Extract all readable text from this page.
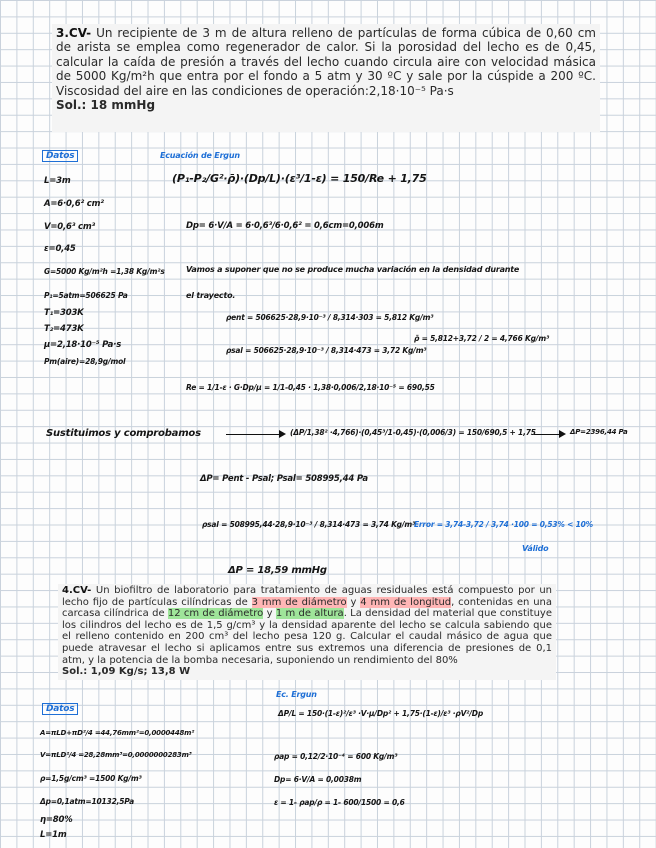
3.CV- Un recipiente de 3 m de altura relleno de partículas de forma cúbica de 0,60 cm de arista se emplea como regenerador de calor. Si la porosidad del lecho es de 0,45, calcular la caída de presión a través del lecho cuando circula aire con velocidad másica de 5000 Kg/m²h que entra por el fondo a 5 atm y 30 ºC y sale por la cúspide a 200 ºC. Viscosidad del aire en las condiciones de operación:2,18·10⁻⁵ Pa·s
Sol.: 18 mmHg
Datos	Ecuación de Ergun
L=3m
A=6·0,6² cm²
V=0,6³ cm³
ε=0,45
G=5000 Kg/m²h =1,38 Kg/m²s
P₁=5atm=506625 Pa
T₁=303K
T₂=473K
μ=2,18·10⁻⁵ Pa·s
Pm(aire)=28,9g/mol
(P₁-P₂/G²·ρ̄)·(Dp/L)·(ε³/1-ε) = 150/Re + 1,75
Dp= 6·V/A = 6·0,6³/6·0,6² = 0,6cm=0,006m
Vamos a suponer que no se produce mucha variación en la densidad durante
el trayecto.
ρent = 506625·28,9·10⁻³ / 8,314·303 = 5,812 Kg/m³
ρsal = 506625·28,9·10⁻³ / 8,314·473 = 3,72 Kg/m³
ρ̄ = 5,812+3,72 / 2 = 4,766 Kg/m³
Re = 1/1-ε · G·Dp/μ = 1/1-0,45 · 1,38·0,006/2,18·10⁻⁵ = 690,55
Sustituimos y comprobamos	(ΔP/1,38² ·4,766)·(0,45³/1-0,45)·(0,006/3) = 150/690,5 + 1,75	ΔP=2396,44 Pa
ΔP= Pent - Psal; Psal= 508995,44 Pa
ρsal = 508995,44·28,9·10⁻³ / 8,314·473 = 3,74 Kg/m³
Error = 3,74-3,72 / 3,74 ·100 = 0,53% < 10%
Válido
ΔP = 18,59 mmHg
4.CV- Un biofiltro de laboratorio para tratamiento de aguas residuales está compuesto por un lecho fijo de partículas cilíndricas de 3 mm de diámetro y 4 mm de longitud, contenidas en una carcasa cilíndrica de 12 cm de diámetro y 1 m de altura. La densidad del material que constituye los cilindros del lecho es de 1,5 g/cm³ y la densidad aparente del lecho se calcula sabiendo que el relleno contenido en 200 cm³ del lecho pesa 120 g. Calcular el caudal másico de agua que puede atravesar el lecho si aplicamos entre sus extremos una diferencia de presiones de 0,1 atm, y la potencia de la bomba necesaria, suponiendo un rendimiento del 80%
Sol.: 1,09 Kg/s; 13,8 W
Ec. Ergun
Datos	ΔP/L = 150·(1-ε)²/ε³ ·V·μ/Dp² + 1,75·(1-ε)/ε³ ·ρV²/Dp
A=πLD+πD²/4 =44,76mm²=0,0000448m²
V=πLD²/4 =28,28mm³=0,0000000283m³
ρ=1,5g/cm³ =1500 Kg/m³
Δp=0,1atm=10132,5Pa
η=80%
L=1m
ρap = 0,12/2·10⁻⁴ = 600 Kg/m³
Dp= 6·V/A = 0,0038m
ε = 1- ρap/ρ = 1- 600/1500 = 0,6
